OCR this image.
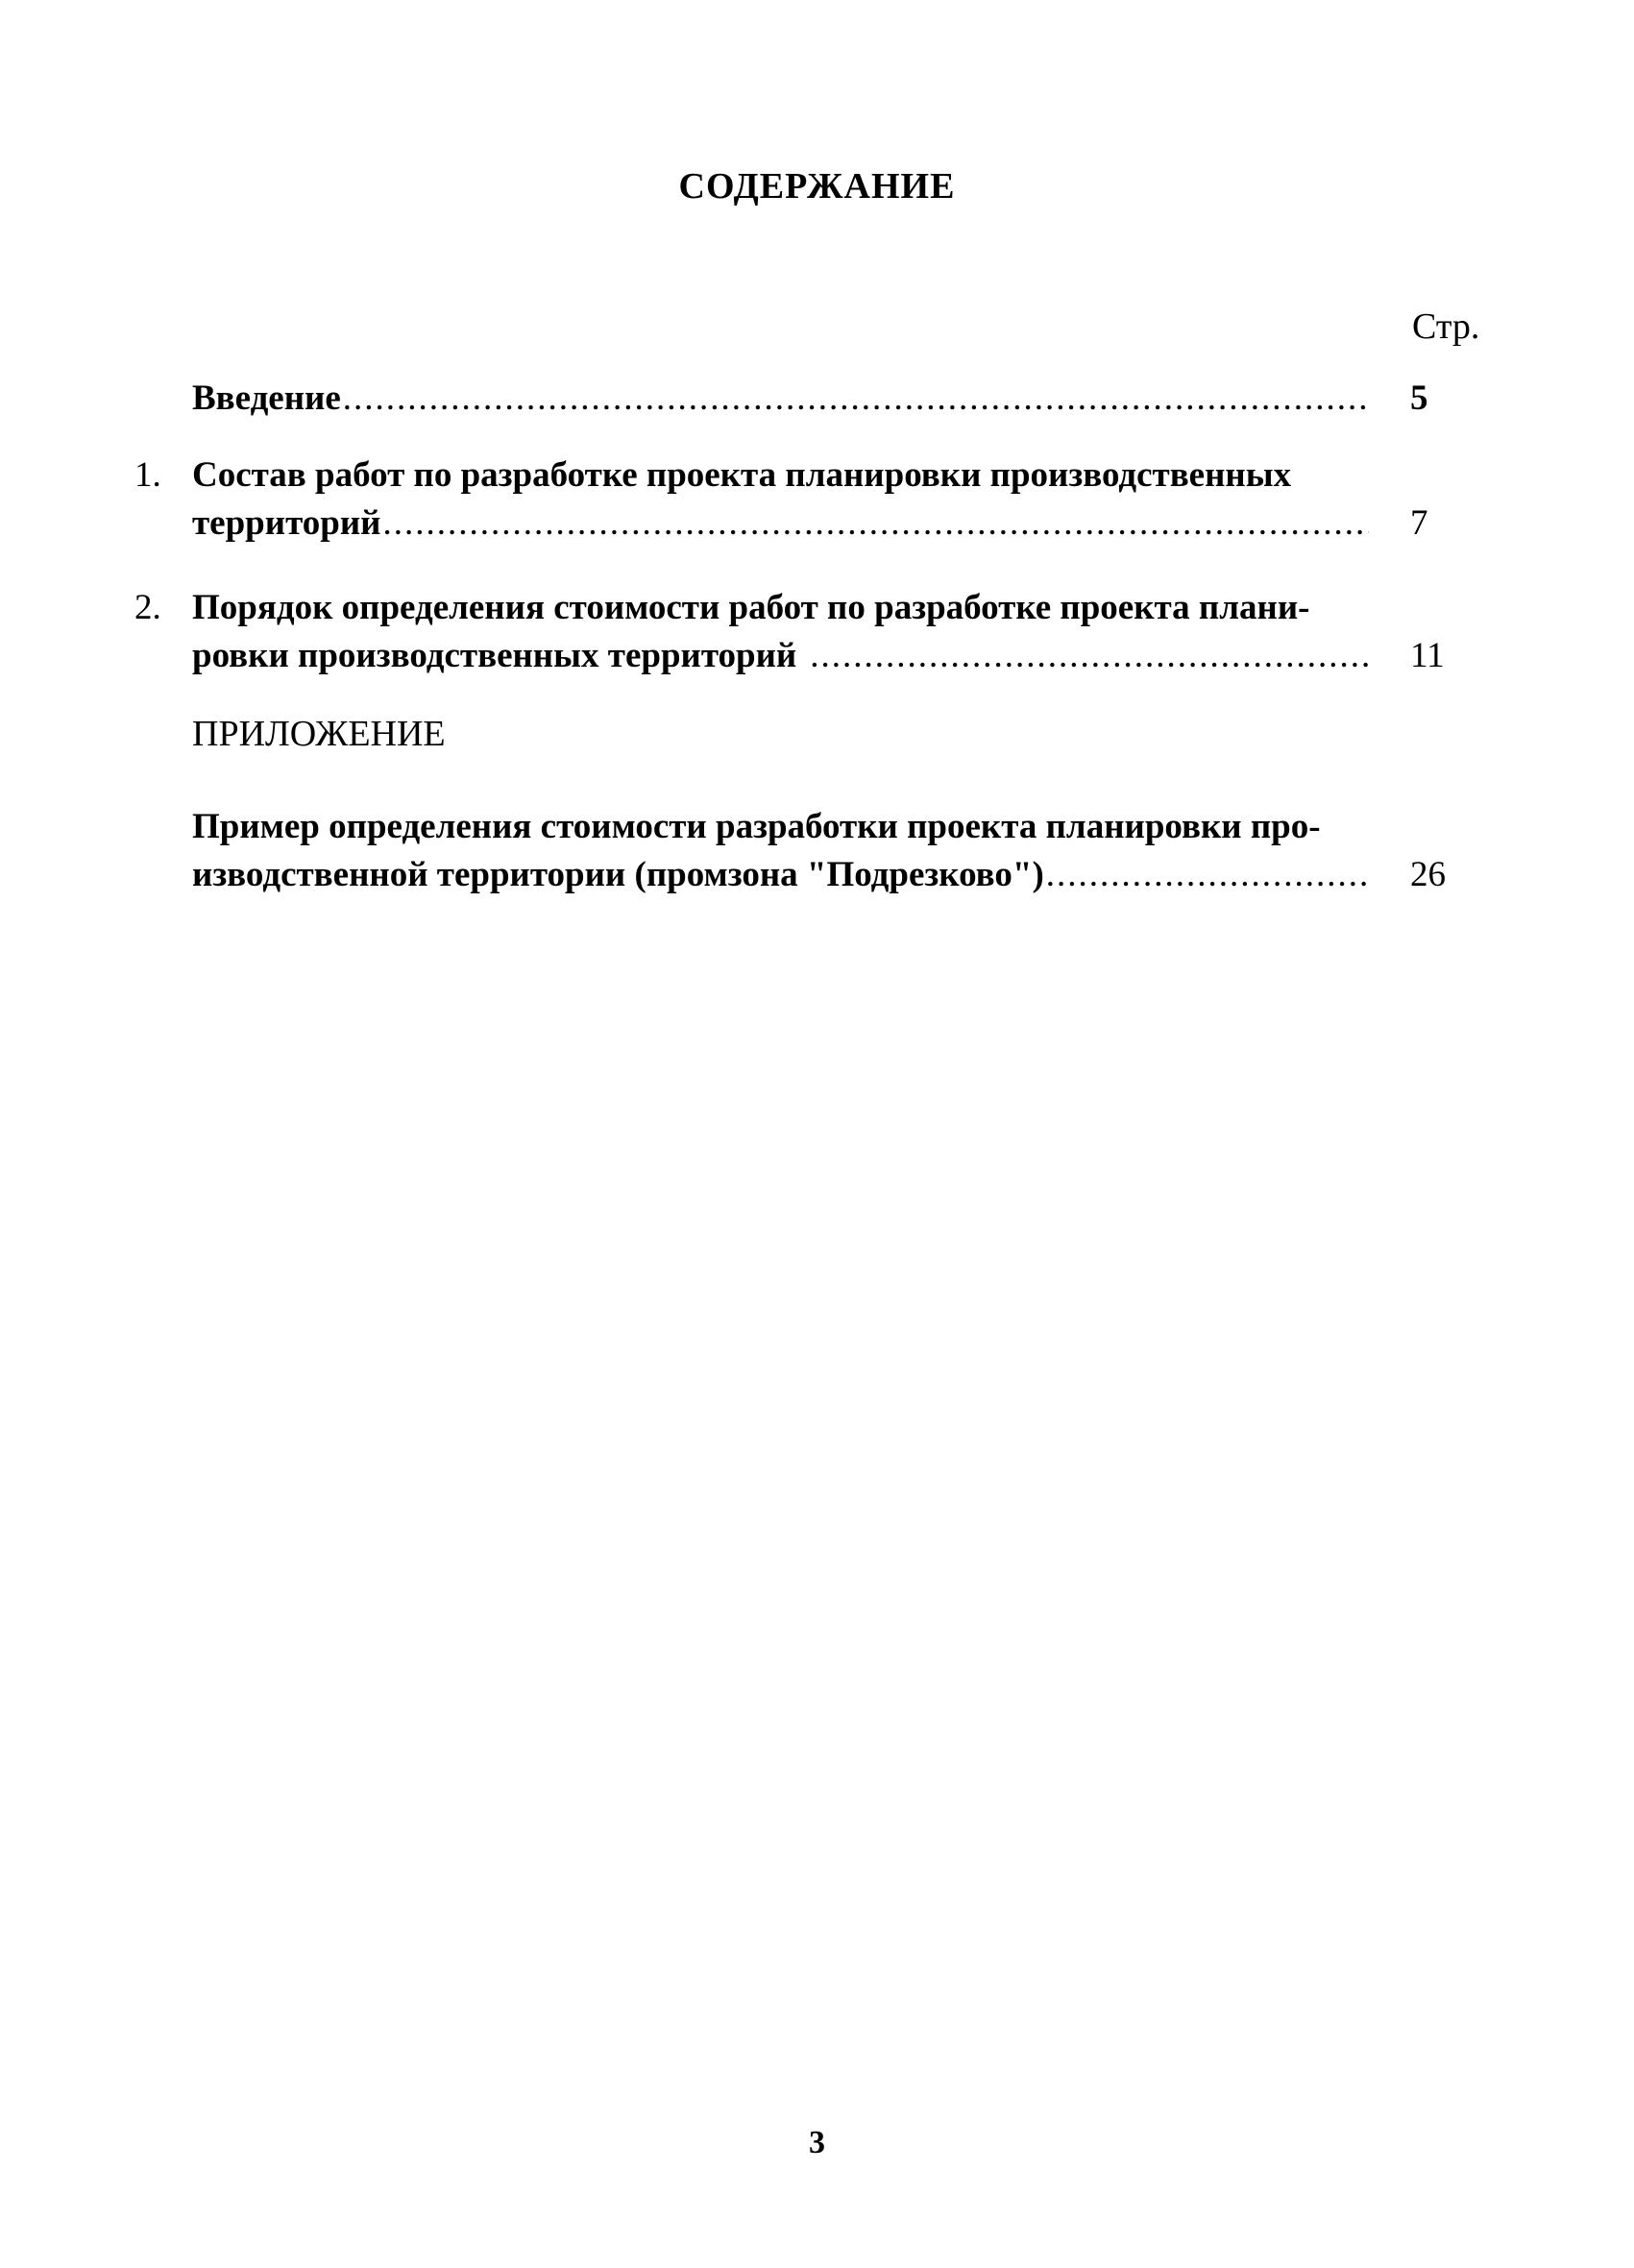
СОДЕРЖАНИЕ
Стр.
Введение .....	5
1. Состав работ по разработке проекта планировки производственных
территорий .....	7
2. Порядок определения стоимости работ по разработке проекта плани-
ровки производственных территорий .....	11
ПРИЛОЖЕНИЕ
Пример определения стоимости разработки проекта планировки про-
изводственной территории (промзона "Подрезково") .....	26
3
